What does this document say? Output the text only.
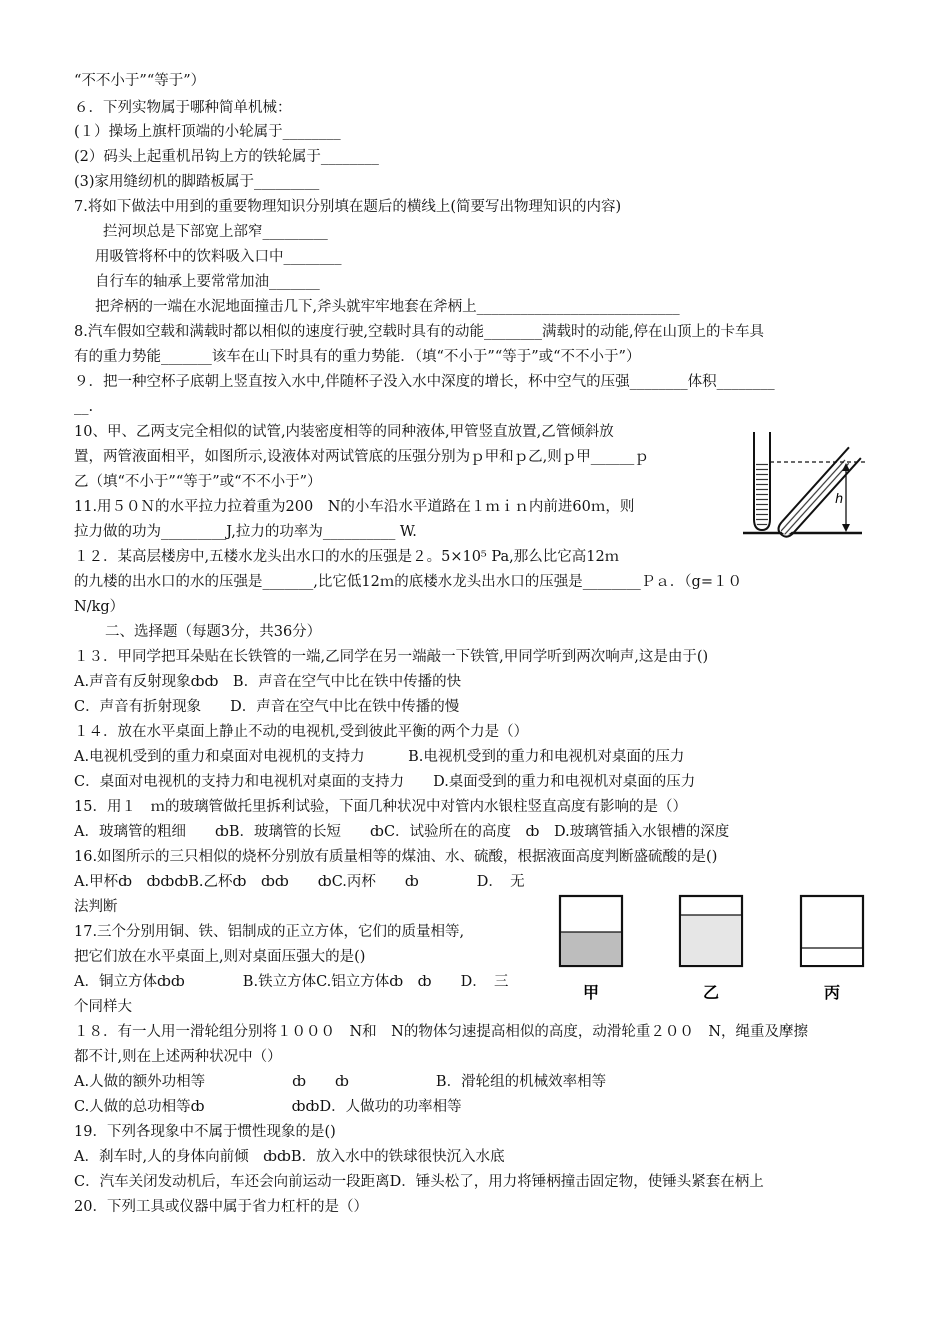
“不不小于”“等于”）
６．下列实物属于哪种简单机械：
(１）操场上旗杆顶端的小轮属于________
(2）码头上起重机吊钩上方的铁轮属于________
(3)家用缝纫机的脚踏板属于_________
7.将如下做法中用到的重要物理知识分别填在题后的横线上(简要写出物理知识的内容)
拦河坝总是下部宽上部窄_________
用吸管将杯中的饮料吸入口中________
自行车的轴承上要常常加油_______
把斧柄的一端在水泥地面撞击几下,斧头就牢牢地套在斧柄上____________________________
8.汽车假如空载和满载时都以相似的速度行驶,空载时具有的动能________满载时的动能,停在山顶上的卡车具
有的重力势能_______该车在山下时具有的重力势能．（填“不小于”“等于”或“不不小于”）
９．把一种空杯子底朝上竖直按入水中,伴随杯子没入水中深度的增长，杯中空气的压强________体积________
__.
10、甲、乙两支完全相似的试管,内装密度相等的同种液体,甲管竖直放置,乙管倾斜放
置，两管液面相平，如图所示,设液体对两试管底的压强分别为ｐ甲和ｐ乙,则ｐ甲______ｐ
乙（填“不小于”“等于”或“不不小于”）
11.用５０Ｎ的水平拉力拉着重为200　N的小车沿水平道路在１ｍｉｎ内前进60ｍ，则
拉力做的功为_________J,拉力的功率为__________ W.
１２．某高层楼房中,五楼水龙头出水口的水的压强是２。5×10⁵ Pa,那么比它高12ｍ
的九楼的出水口的水的压强是_______,比它低12ｍ的底楼水龙头出水口的压强是________Ｐａ．（g=１０
N/kg）
二、选择题（每题3分，共36分）
１３．甲同学把耳朵贴在长铁管的一端,乙同学在另一端敲一下铁管,甲同学听到两次响声,这是由于()
A.声音有反射现象ȸȸ　B．声音在空气中比在铁中传播的快
C．声音有折射现象　　D．声音在空气中比在铁中传播的慢
１４．放在水平桌面上静止不动的电视机,受到彼此平衡的两个力是（）
A.电视机受到的重力和桌面对电视机的支持力　　　B.电视机受到的重力和电视机对桌面的压力
C．桌面对电视机的支持力和电视机对桌面的支持力　　D.桌面受到的重力和电视机对桌面的压力
15．用１　ｍ的玻璃管做托里拆利试验，下面几种状况中对管内水银柱竖直高度有影响的是（）
A．玻璃管的粗细　　ȸB．玻璃管的长短　　ȸC．试验所在的高度　ȸ　D.玻璃管插入水银槽的深度
16.如图所示的三只相似的烧杯分别放有质量相等的煤油、水、硫酸，根据液面高度判断盛硫酸的是()
A.甲杯ȸ　ȸȸȸB.乙杯ȸ　ȸȸ　　ȸC.丙杯　　ȸ　　　　D．　无
法判断
17.三个分别用铜、铁、铝制成的正立方体，它们的质量相等,
把它们放在水平桌面上,则对桌面压强大的是()
A．铜立方体ȸȸ　　　　B.铁立方体C.铝立方体ȸ　ȸ　　D．　三
个同样大
１８．有一人用一滑轮组分别将１０００　N和　N的物体匀速提高相似的高度，动滑轮重２００　N，绳重及摩擦
都不计,则在上述两种状况中（）
A.人做的额外功相等　　　　　　ȸ　　ȸ　　　　　　B．滑轮组的机械效率相等
C.人做的总功相等ȸ　　　　　　ȸȸD．人做功的功率相等
19．下列各现象中不属于惯性现象的是()
A．刹车时,人的身体向前倾　ȸȸB．放入水中的铁球很快沉入水底
C．汽车关闭发动机后，车还会向前运动一段距离D．锤头松了，用力将锤柄撞击固定物，使锤头紧套在柄上
20．下列工具或仪器中属于省力杠杆的是（）
h
甲	乙	丙
